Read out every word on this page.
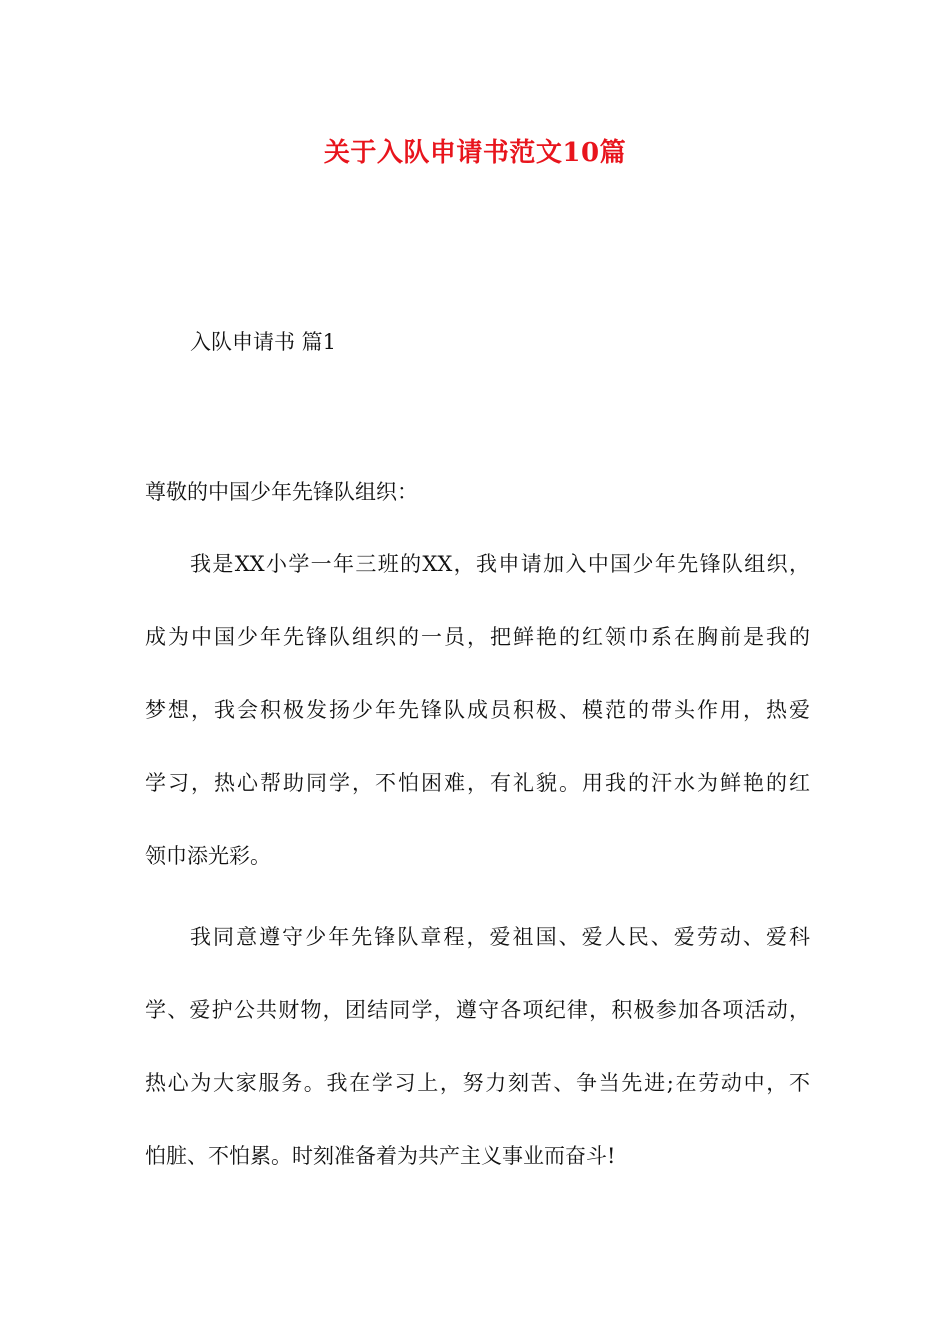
关于入队申请书范文10篇
入队申请书 篇1
尊敬的中国少年先锋队组织：
我是XX小学一年三班的XX，我申请加入中国少年先锋队组织，
成为中国少年先锋队组织的一员，把鲜艳的红领巾系在胸前是我的
梦想，我会积极发扬少年先锋队成员积极、模范的带头作用，热爱
学习，热心帮助同学，不怕困难，有礼貌。用我的汗水为鲜艳的红
领巾添光彩。
我同意遵守少年先锋队章程，爱祖国、爱人民、爱劳动、爱科
学、爱护公共财物，团结同学，遵守各项纪律，积极参加各项活动，
热心为大家服务。我在学习上，努力刻苦、争当先进;在劳动中，不
怕脏、不怕累。时刻准备着为共产主义事业而奋斗!
